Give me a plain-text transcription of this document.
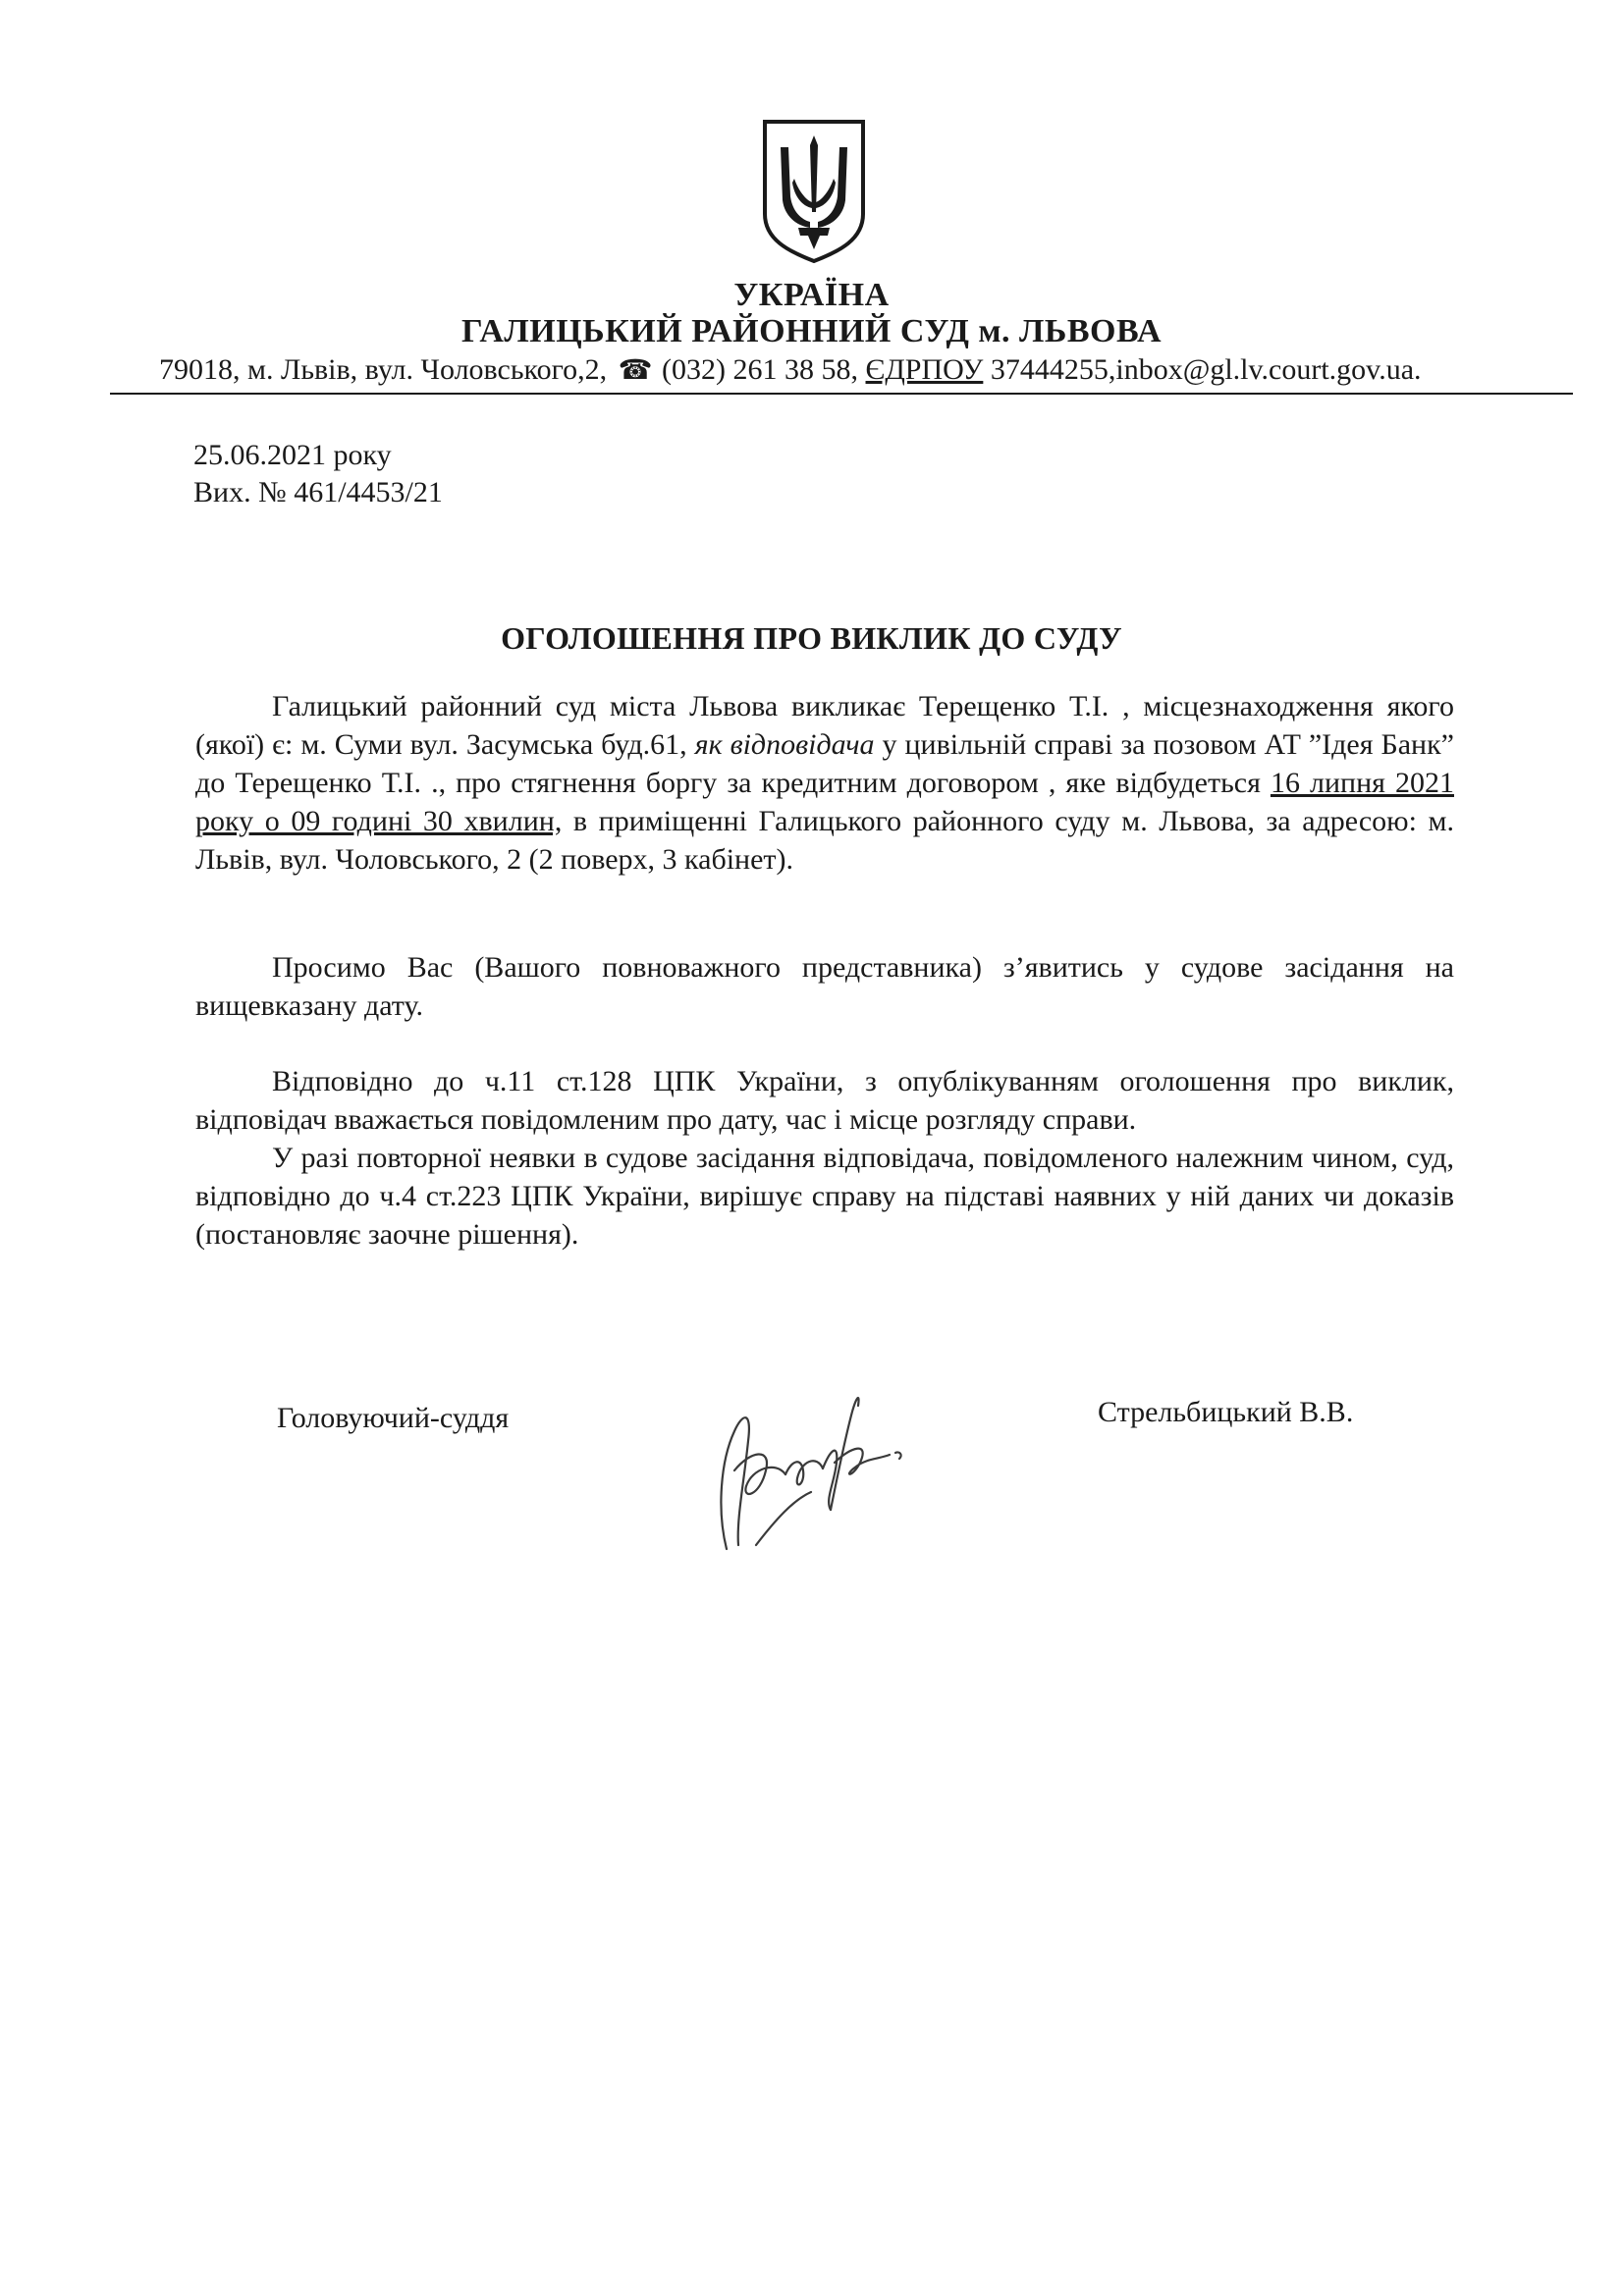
УКРАЇНА
ГАЛИЦЬКИЙ РАЙОННИЙ СУД м. ЛЬВОВА
79018, м. Львів, вул. Чоловського,2, ☎ (032) 261 38 58, ЄДРПОУ 37444255,inbox@gl.lv.court.gov.ua.
25.06.2021 року
Вих. № 461/4453/21
ОГОЛОШЕННЯ ПРО ВИКЛИК ДО СУДУ

Галицький районний суд міста Львова викликає Терещенко Т.І. , місцезнаходження якого (якої) є: м. Суми вул. Засумська буд.61, як відповідача у цивільній справі за позовом АТ ”Ідея Банк” до Терещенко Т.І. ., про стягнення боргу за кредитним договором , яке відбудеться 16 липня 2021 року о 09 годині 30 хвилин, в приміщенні Галицького районного суду м. Львова, за адресою: м. Львів, вул. Чоловського, 2 (2 поверх, 3 кабінет).

Просимо Вас (Вашого повноважного представника) з’явитись у судове засідання на вищевказану дату.

Відповідно до ч.11 ст.128 ЦПК України, з опублікуванням оголошення про виклик, відповідач вважається повідомленим про дату, час і місце розгляду справи.

У разі повторної неявки в судове засідання відповідача, повідомленого належним чином, суд, відповідно до ч.4 ст.223 ЦПК України, вирішує справу на підставі наявних у ній даних чи доказів (постановляє заочне рішення).

Головуючий-суддя	Стрельбицький В.В.
